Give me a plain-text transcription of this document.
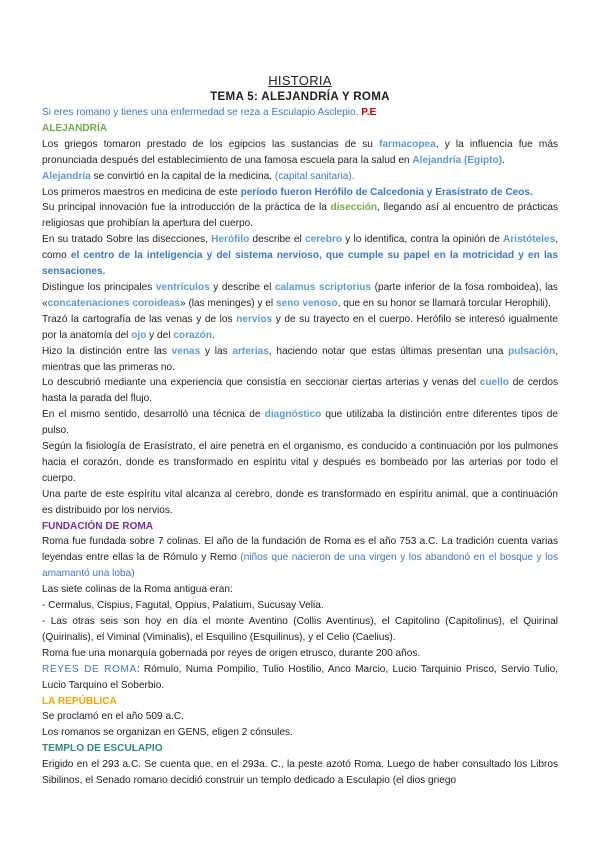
HISTORIA

TEMA 5: ALEJANDRÍA Y ROMA

Si eres romano y tienes una enfermedad se reza a Esculapio Asclepio. P.E

ALEJANDRÍA

Los griegos tomaron prestado de los egipcios las sustancias de su farmacopea, y la influencia fue más pronunciada después del establecimiento de una famosa escuela para la salud en Alejandría (Egipto).

Alejandría se convirtió en la capital de la medicina, (capital sanitaria).

Los primeros maestros en medicina de este período fueron Herófilo de Calcedonia y Erasístrato de Ceos.

Su principal innovación fue la introducción de la práctica de la disección, llegando así al encuentro de prácticas religiosas que prohibían la apertura del cuerpo.

En su tratado Sobre las disecciones, Herófilo describe el cerebro y lo identifica, contra la opinión de Aristóteles, como el centro de la inteligencia y del sistema nervioso, que cumple su papel en la motricidad y en las sensaciones.

Distingue los principales ventrículos y describe el calamus scriptorius (parte inferior de la fosa romboidea), las «concatenaciones coroideas» (las meninges) y el seno venoso, que en su honor se llamará torcular Herophili).

Trazó la cartografía de las venas y de los nervios y de su trayecto en el cuerpo. Herófilo se interesó igualmente por la anatomía del ojo y del corazón.

Hizo la distinción entre las venas y las arterias, haciendo notar que estas últimas presentan una pulsación, mientras que las primeras no.

Lo descubrió mediante una experiencia que consistía en seccionar ciertas arterias y venas del cuello de cerdos hasta la parada del flujo.

En el mismo sentido, desarrolló una técnica de diagnóstico que utilizaba la distinción entre diferentes tipos de pulso.

Según la fisiología de Erasístrato, el aire penetra en el organismo, es conducido a continuación por los pulmones hacia el corazón, donde es transformado en espíritu vital y después es bombeado por las arterias por todo el cuerpo.

Una parte de este espíritu vital alcanza al cerebro, donde es transformado en espíritu animal, que a continuación es distribuido por los nervios.

FUNDACIÓN DE ROMA

Roma fue fundada sobre 7 colinas. El año de la fundación de Roma es el año 753 a.C. La tradición cuenta varias leyendas entre ellas la de Rómulo y Remo (niños que nacieron de una virgen y los abandonó en el bosque y los amamantó una loba)

Las siete colinas de la Roma antigua eran:

- Cermalus, Cispius, Fagutal, Oppius, Palatium, Sucusay Velia.

- Las otras seis son hoy en día el monte Aventino (Collis Aventinus), el Capitolino (Capitolinus), el Quirinal (Quirinalis), el Viminal (Viminalis), el Esquilino (Esquilinus), y el Celio (Caelius).

Roma fue una monarquía gobernada por reyes de origen etrusco, durante 200 años.

REYES DE ROMA: Rómulo, Numa Pompilio, Tulio Hostilio, Anco Marcio, Lucio Tarquinio Prisco, Servio Tulio, Lucio Tarquino el Soberbio.

LA REPÚBLICA

Se proclamó en el año 509 a.C.

Los romanos se organizan en GENS, eligen 2 cónsules.

TEMPLO DE ESCULAPIO

Erigido en el 293 a.C. Se cuenta que, en el 293a. C., la peste azotó Roma. Luego de haber consultado los Libros Sibilinos, el Senado romano decidió construir un templo dedicado a Esculapio (el dios griego
